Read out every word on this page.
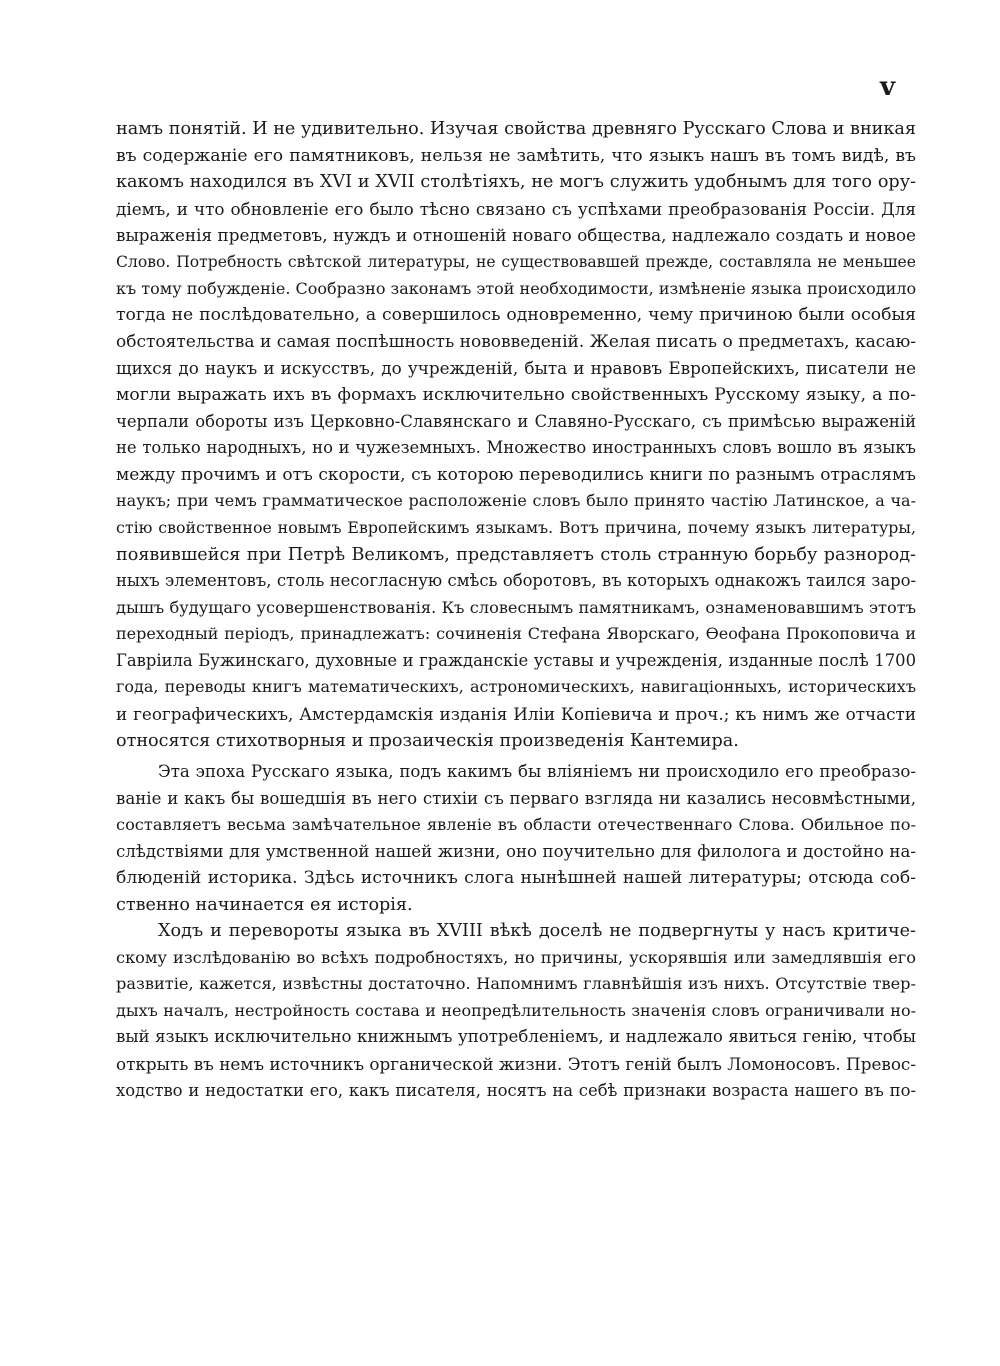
v
намъ понятій. И не удивительно. Изучая свойства древняго Русскаго Слова и вникая
въ содержаніе его памятниковъ, нельзя не замѣтить, что языкъ нашъ въ томъ видѣ, въ
какомъ находился въ XVI и XVII столѣтіяхъ, не могъ служить удобнымъ для того ору-
діемъ, и что обновленіе его было тѣсно связано съ успѣхами преобразованія Россіи. Для
выраженія предметовъ, нуждъ и отношеній новаго общества, надлежало создать и новое
Слово. Потребность свѣтской литературы, не существовавшей прежде, составляла не меньшее
къ тому побужденіе. Сообразно законамъ этой необходимости, измѣненіе языка происходило
тогда не послѣдовательно, а совершилось одновременно, чему причиною были особыя
обстоятельства и самая поспѣшность нововведеній. Желая писать о предметахъ, касаю-
щихся до наукъ и искусствъ, до учрежденій, быта и нравовъ Европейскихъ, писатели не
могли выражать ихъ въ формахъ исключительно свойственныхъ Русскому языку, а по-
черпали обороты изъ Церковно-Славянскаго и Славяно-Русскаго, съ примѣсью выраженій
не только народныхъ, но и чужеземныхъ. Множество иностранныхъ словъ вошло въ языкъ
между прочимъ и отъ скорости, съ которою переводились книги по разнымъ отраслямъ
наукъ; при чемъ грамматическое расположеніе словъ было принято частію Латинское, а ча-
стію свойственное новымъ Европейскимъ языкамъ. Вотъ причина, почему языкъ литературы,
появившейся при Петрѣ Великомъ, представляетъ столь странную борьбу разнород-
ныхъ элементовъ, столь несогласную смѣсь оборотовъ, въ которыхъ однакожъ таился заро-
дышъ будущаго усовершенствованія. Къ словеснымъ памятникамъ, ознаменовавшимъ этотъ
переходный періодъ, принадлежатъ: сочиненія Стефана Яворскаго, Ѳеофана Прокоповича и
Гавріила Бужинскаго, духовные и гражданскіе уставы и учрежденія, изданные послѣ 1700
года, переводы книгъ математическихъ, астрономическихъ, навигаціонныхъ, историческихъ
и географическихъ, Амстердамскія изданія Иліи Копіевича и проч.; къ нимъ же отчасти
относятся стихотворныя и прозаическія произведенія Кантемира.
Эта эпоха Русскаго языка, подъ какимъ бы вліяніемъ ни происходило его преобразо-
ваніе и какъ бы вошедшія въ него стихіи съ перваго взгляда ни казались несовмѣстными,
составляетъ весьма замѣчательное явленіе въ области отечественнаго Слова. Обильное по-
слѣдствіями для умственной нашей жизни, оно поучительно для филолога и достойно на-
блюденій историка. Здѣсь источникъ слога нынѣшней нашей литературы; отсюда соб-
ственно начинается ея исторія.
Ходъ и перевороты языка въ XVIII вѣкѣ доселѣ не подвергнуты у насъ критиче-
скому изслѣдованію во всѣхъ подробностяхъ, но причины, ускорявшія или замедлявшія его
развитіе, кажется, извѣстны достаточно. Напомнимъ главнѣйшія изъ нихъ. Отсутствіе твер-
дыхъ началъ, нестройность состава и неопредѣлительность значенія словъ ограничивали но-
вый языкъ исключительно книжнымъ употребленіемъ, и надлежало явиться генію, чтобы
открыть въ немъ источникъ органической жизни. Этотъ геній былъ Ломоносовъ. Превос-
ходство и недостатки его, какъ писателя, носятъ на себѣ признаки возраста нашего въ по-
